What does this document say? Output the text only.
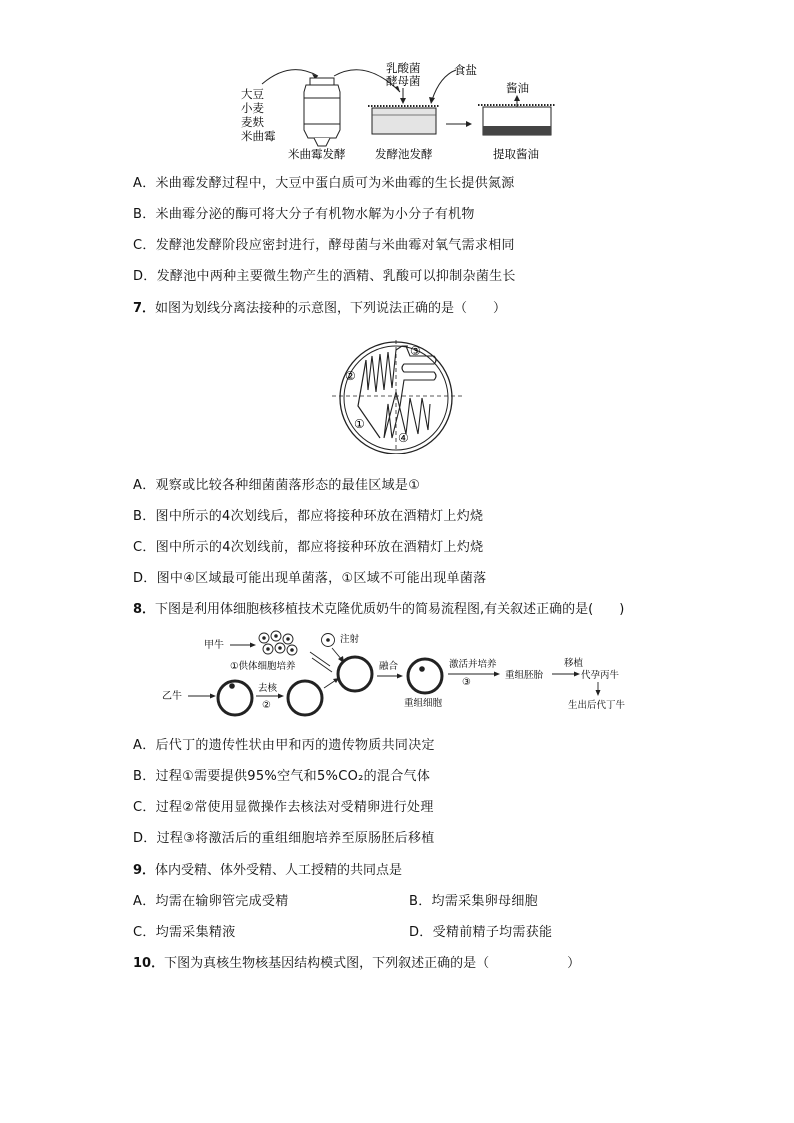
大豆
小麦
麦麸
米曲霉
米曲霉发酵
乳酸菌
酵母菌
食盐
发酵池发酵
酱油
提取酱油
A．米曲霉发酵过程中，大豆中蛋白质可为米曲霉的生长提供氮源
B．米曲霉分泌的酶可将大分子有机物水解为小分子有机物
C．发酵池发酵阶段应密封进行，酵母菌与米曲霉对氧气需求相同
D．发酵池中两种主要微生物产生的酒精、乳酸可以抑制杂菌生长
7．如图为划线分离法接种的示意图，下列说法正确的是（　　）
③
②
①
④
A．观察或比较各种细菌菌落形态的最佳区域是①
B．图中所示的4次划线后，都应将接种环放在酒精灯上灼烧
C．图中所示的4次划线前，都应将接种环放在酒精灯上灼烧
D．图中④区域最可能出现单菌落，①区域不可能出现单菌落
8．下图是利用体细胞核移植技术克隆优质奶牛的简易流程图,有关叙述正确的是(　　)
甲牛
①供体细胞培养
注射
乙牛
去核
②
融合
重组细胞
激活并培养
③
重组胚胎
移植
代孕丙牛
生出后代丁牛
A．后代丁的遗传性状由甲和丙的遗传物质共同决定
B．过程①需要提供95%空气和5%CO₂的混合气体
C．过程②常使用显微操作去核法对受精卵进行处理
D．过程③将激活后的重组细胞培养至原肠胚后移植
9．体内受精、体外受精、人工授精的共同点是
A．均需在输卵管完成受精	B．均需采集卵母细胞
C．均需采集精液	D．受精前精子均需获能
10．下图为真核生物核基因结构模式图，下列叙述正确的是（　　　　　　）
